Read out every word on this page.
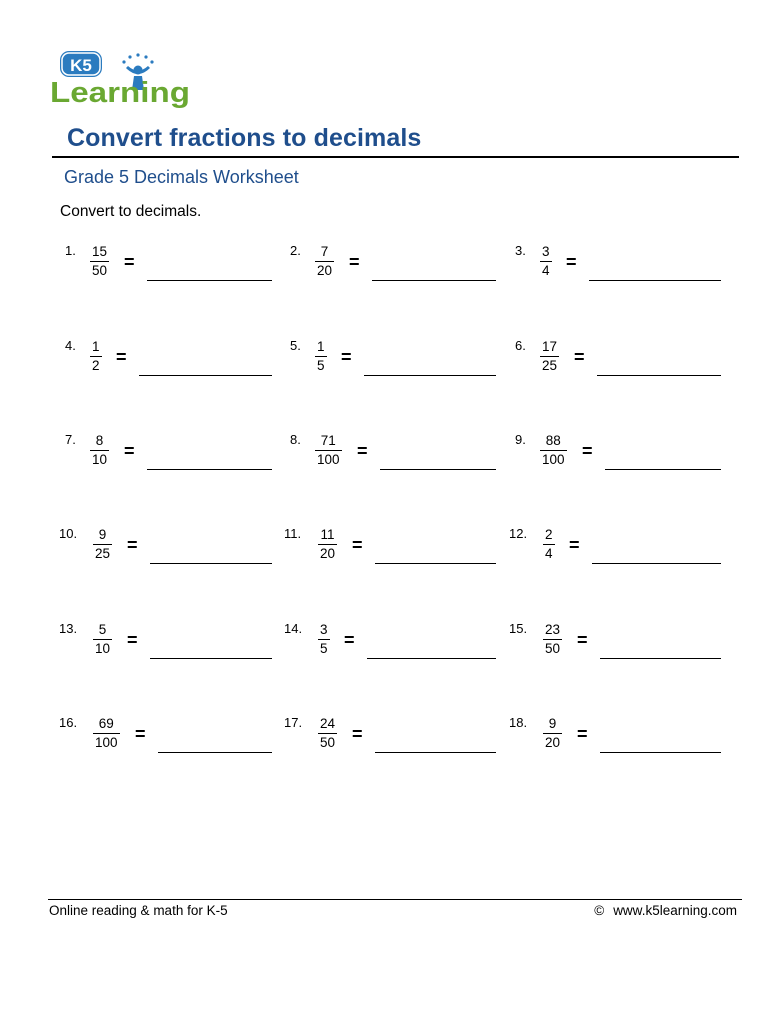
K5
Learning
Convert fractions to decimals
Grade 5 Decimals Worksheet
Convert to decimals.
1. 15
50 =
2. 7
20 =
3. 3
4 =
4. 1
2 =
5. 1
5 =
6. 17
25 =
7. 8
10 =
8. 71
100 =
9. 88
100 =
10. 9
25 =
11. 11
20 =
12. 2
4 =
13. 5
10 =
14. 3
5 =
15. 23
50 =
16. 69
100 =
17. 24
50 =
18. 9
20 =
Online reading & math for K-5	© www.k5learning.com
